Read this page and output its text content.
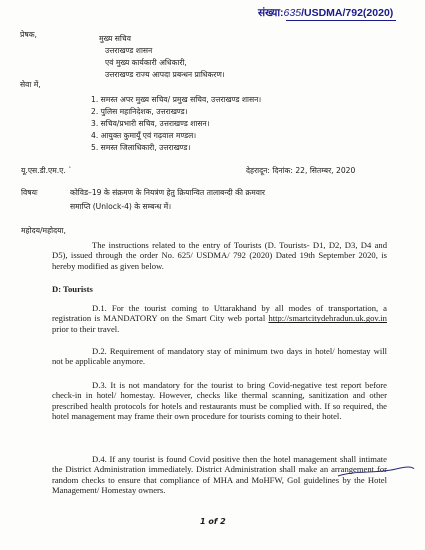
संख्या:635/USDMA/792(2020)
प्रेषक,	मुख्य सचिव
उत्तराखण्ड शासन
एवं मुख्य कार्यकारी अधिकारी,
उत्तराखण्ड राज्य आपदा प्रबन्धन प्राधिकरण।
सेवा में,
1. समस्त अपर मुख्य सचिव/ प्रमुख सचिव, उत्तराखण्ड शासन।
2. पुलिस महानिदेशक, उत्तराखण्ड।
3. सचिव/प्रभारी सचिव, उत्तराखण्ड शासन।
4. आयुक्त कुमायूँ एवं गढ़वाल मण्डल।
5. समस्त जिलाधिकारी, उत्तराखण्ड।
यू.एस.डी.एम.ए. `	देहरादून: दिनांक: 22, सितम्बर, 2020
विषयः	कोविड–19 के संक्रमण के नियत्रंण हेतु क्रियान्वित तालाबन्दी की क्रमवार
समाप्ति (Unlock-4) के सम्बन्ध में।
महोदय/महोदया,
The instructions related to the entry of Tourists (D. Tourists- D1, D2, D3, D4 and D5), issued through the order No. 625/ USDMA/ 792 (2020) Dated 19th September 2020, is hereby modified as given below.
D: Tourists
D.1. For the tourist coming to Uttarakhand by all modes of transportation, a registration is MANDATORY on the Smart City web portal http://smartcitydehradun.uk.gov.in prior to their travel.
D.2. Requirement of mandatory stay of minimum two days in hotel/ homestay will not be applicable anymore.
D.3. It is not mandatory for the tourist to bring Covid-negative test report before check-in in hotel/ homestay. However, checks like thermal scanning, sanitization and other prescribed health protocols for hotels and restaurants must be complied with. If so required, the hotel management may frame their own procedure for tourists coming to their hotel.
D.4. If any tourist is found Covid positive then the hotel management shall intimate the District Administration immediately. District Administration shall make an arrangement for random checks to ensure that compliance of MHA and MoHFW, GoI guidelines by the Hotel Management/ Homestay owners.
1 of 2
